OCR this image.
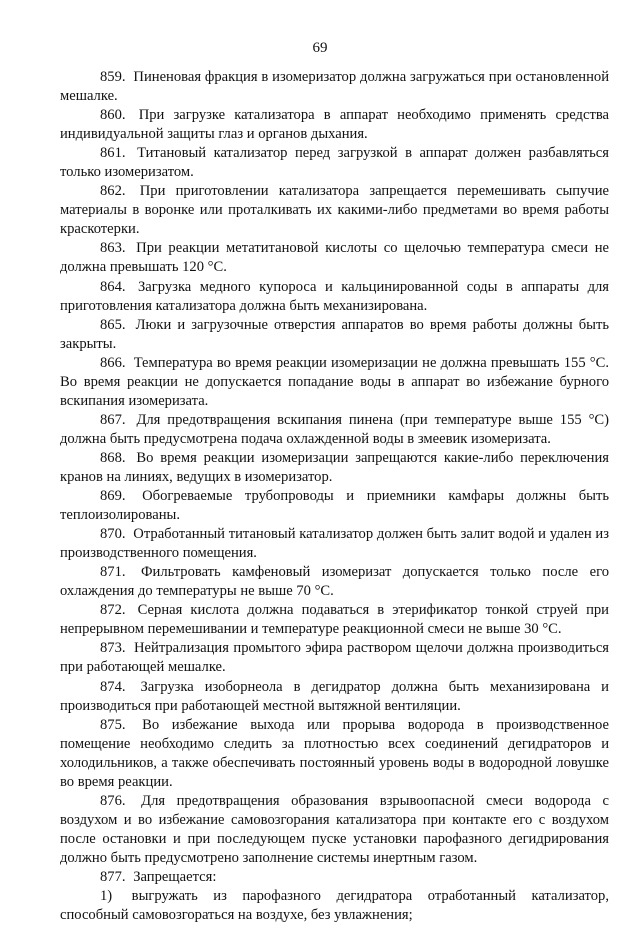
69

859. Пиненовая фракция в изомеризатор должна загружаться при остановленной мешалке.

860. При загрузке катализатора в аппарат необходимо применять средства индивидуальной защиты глаз и органов дыхания.

861. Титановый катализатор перед загрузкой в аппарат должен разбавляться только изомеризатом.

862. При приготовлении катализатора запрещается перемешивать сыпучие материалы в воронке или проталкивать их какими-либо предметами во время работы краскотерки.

863. При реакции метатитановой кислоты со щелочью температура смеси не должна превышать 120 °С.

864. Загрузка медного купороса и кальцинированной соды в аппараты для приготовления катализатора должна быть механизирована.

865. Люки и загрузочные отверстия аппаратов во время работы должны быть закрыты.

866. Температура во время реакции изомеризации не должна превышать 155 °С. Во время реакции не допускается попадание воды в аппарат во избежание бурного вскипания изомеризата.

867. Для предотвращения вскипания пинена (при температуре выше 155 °С) должна быть предусмотрена подача охлажденной воды в змеевик изомеризата.

868. Во время реакции изомеризации запрещаются какие-либо переключения кранов на линиях, ведущих в изомеризатор.

869. Обогреваемые трубопроводы и приемники камфары должны быть теплоизолированы.

870. Отработанный титановый катализатор должен быть залит водой и удален из производственного помещения.

871. Фильтровать камфеновый изомеризат допускается только после его охлаждения до температуры не выше 70 °С.

872. Серная кислота должна подаваться в этерификатор тонкой струей при непрерывном перемешивании и температуре реакционной смеси не выше 30 °С.

873. Нейтрализация промытого эфира раствором щелочи должна производиться при работающей мешалке.

874. Загрузка изоборнеола в дегидратор должна быть механизирована и производиться при работающей местной вытяжной вентиляции.

875. Во избежание выхода или прорыва водорода в производственное помещение необходимо следить за плотностью всех соединений дегидраторов и холодильников, а также обеспечивать постоянный уровень воды в водородной ловушке во время реакции.

876. Для предотвращения образования взрывоопасной смеси водорода с воздухом и во избежание самовозгорания катализатора при контакте его с воздухом после остановки и при последующем пуске установки парофазного дегидрирования должно быть предусмотрено заполнение системы инертным газом.

877. Запрещается:

1) выгружать из парофазного дегидратора отработанный катализатор, способный самовозгораться на воздухе, без увлажнения;
